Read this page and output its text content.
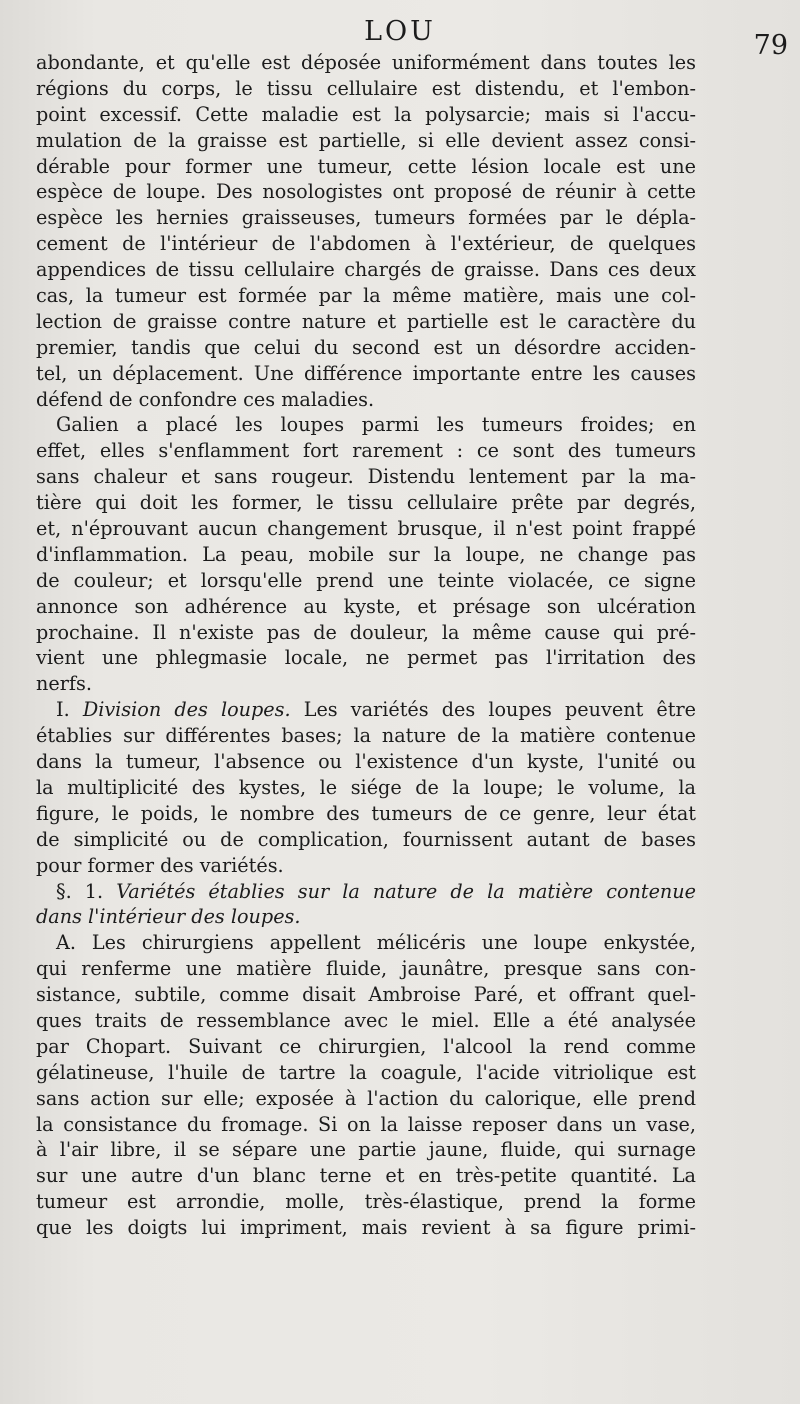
LOU	79
abondante, et qu'elle est déposée uniformément dans toutes les
régions du corps, le tissu cellulaire est distendu, et l'embon-
point excessif. Cette maladie est la polysarcie; mais si l'accu-
mulation de la graisse est partielle, si elle devient assez consi-
dérable pour former une tumeur, cette lésion locale est une
espèce de loupe. Des nosologistes ont proposé de réunir à cette
espèce les hernies graisseuses, tumeurs formées par le dépla-
cement de l'intérieur de l'abdomen à l'extérieur, de quelques
appendices de tissu cellulaire chargés de graisse. Dans ces deux
cas, la tumeur est formée par la même matière, mais une col-
lection de graisse contre nature et partielle est le caractère du
premier, tandis que celui du second est un désordre acciden-
tel, un déplacement. Une différence importante entre les causes
défend de confondre ces maladies.
Galien a placé les loupes parmi les tumeurs froides; en
effet, elles s'enflamment fort rarement : ce sont des tumeurs
sans chaleur et sans rougeur. Distendu lentement par la ma-
tière qui doit les former, le tissu cellulaire prête par degrés,
et, n'éprouvant aucun changement brusque, il n'est point frappé
d'inflammation. La peau, mobile sur la loupe, ne change pas
de couleur; et lorsqu'elle prend une teinte violacée, ce signe
annonce son adhérence au kyste, et présage son ulcération
prochaine. Il n'existe pas de douleur, la même cause qui pré-
vient une phlegmasie locale, ne permet pas l'irritation des
nerfs.
I. Division des loupes. Les variétés des loupes peuvent être
établies sur différentes bases; la nature de la matière contenue
dans la tumeur, l'absence ou l'existence d'un kyste, l'unité ou
la multiplicité des kystes, le siége de la loupe; le volume, la
figure, le poids, le nombre des tumeurs de ce genre, leur état
de simplicité ou de complication, fournissent autant de bases
pour former des variétés.
§. 1. Variétés établies sur la nature de la matière contenue
dans l'intérieur des loupes.
A. Les chirurgiens appellent mélicéris une loupe enkystée,
qui renferme une matière fluide, jaunâtre, presque sans con-
sistance, subtile, comme disait Ambroise Paré, et offrant quel-
ques traits de ressemblance avec le miel. Elle a été analysée
par Chopart. Suivant ce chirurgien, l'alcool la rend comme
gélatineuse, l'huile de tartre la coagule, l'acide vitriolique est
sans action sur elle; exposée à l'action du calorique, elle prend
la consistance du fromage. Si on la laisse reposer dans un vase,
à l'air libre, il se sépare une partie jaune, fluide, qui surnage
sur une autre d'un blanc terne et en très-petite quantité. La
tumeur est arrondie, molle, très-élastique, prend la forme
que les doigts lui impriment, mais revient à sa figure primi-
